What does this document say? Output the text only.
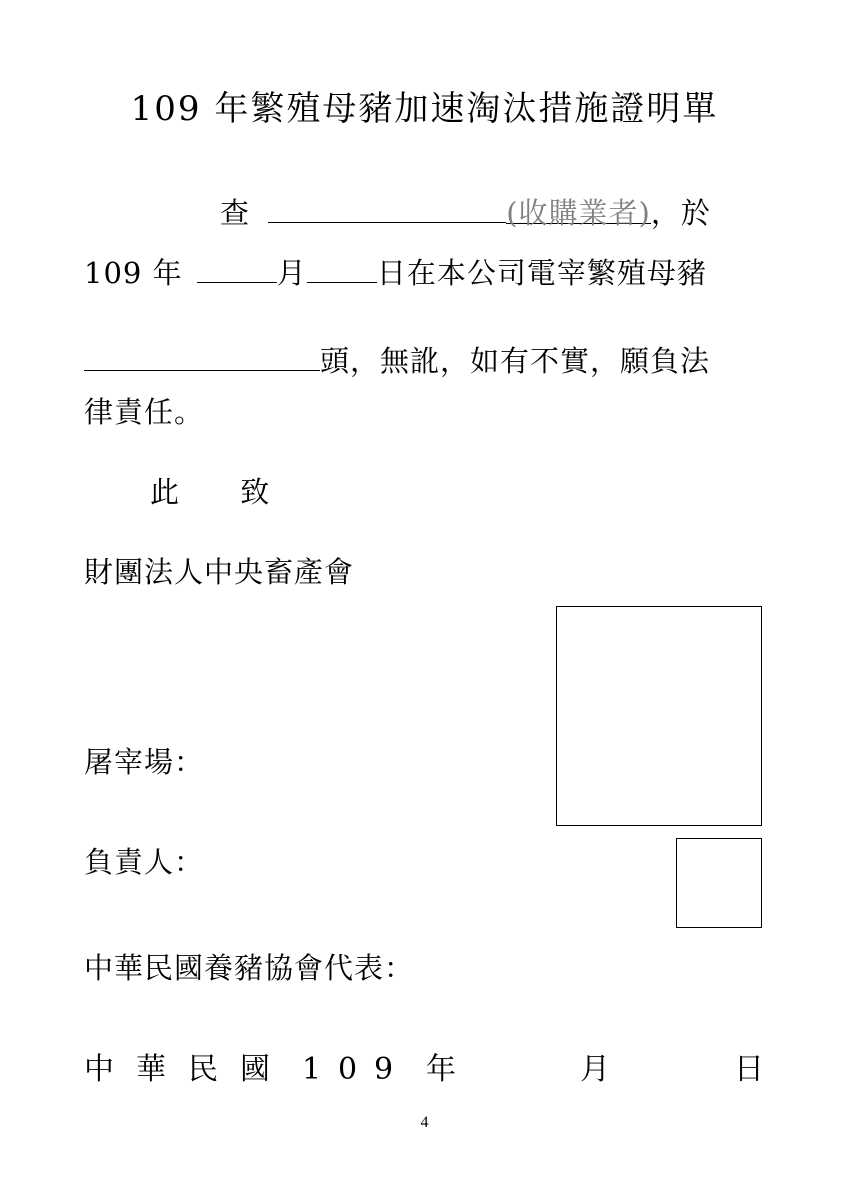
109 年繁殖母豬加速淘汰措施證明單
查	(收購業者)，於
109 年	月 日在本公司電宰繁殖母豬
頭，無訛，如有不實，願負法
律責任。
此 致
財團法人中央畜產會
屠宰場：
負責人：
中華民國養豬協會代表：
中 華 民 國 1 0 9 年	月	日
4
